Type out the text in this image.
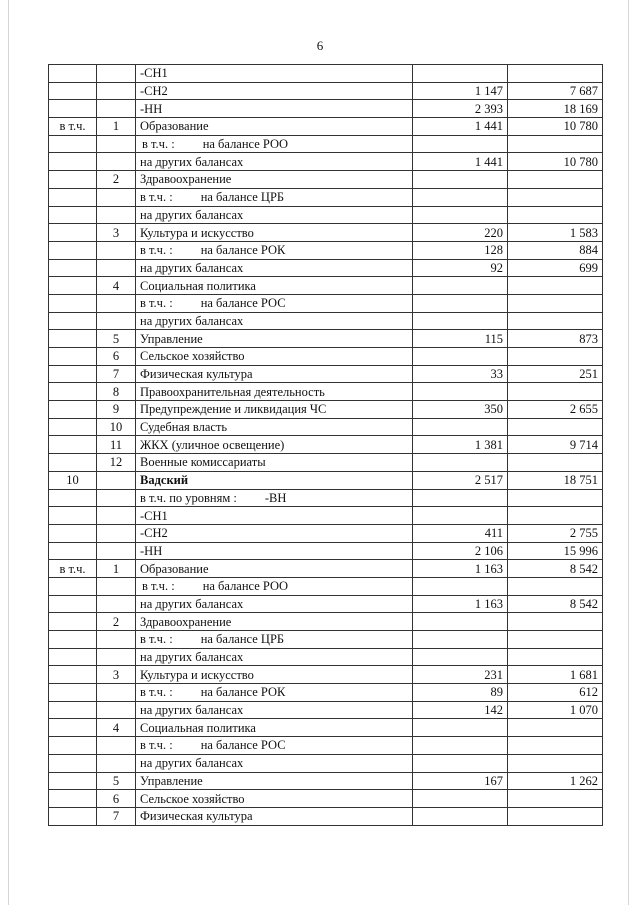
6
		-СН1		
		-СН2	1 147	7 687
		-НН	2 393	18 169
в т.ч.	1	Образование	1 441	10 780
		в т.ч. : на балансе РОО		
		на других балансах	1 441	10 780
	2	Здравоохранение		
		в т.ч. : на балансе ЦРБ		
		на других балансах		
	3	Культура и искусство	220	1 583
		в т.ч. : на балансе РОК	128	884
		на других балансах	92	699
	4	Социальная политика		
		в т.ч. : на балансе РОС		
		на других балансах		
	5	Управление	115	873
	6	Сельское хозяйство		
	7	Физическая культура	33	251
	8	Правоохранительная деятельность		
	9	Предупреждение и ликвидация ЧС	350	2 655
	10	Судебная власть		
	11	ЖКХ (уличное освещение)	1 381	9 714
	12	Военные комиссариаты		
10		Вадский	2 517	18 751
		в т.ч. по уровням : -ВН		
		-СН1		
		-СН2	411	2 755
		-НН	2 106	15 996
в т.ч.	1	Образование	1 163	8 542
		в т.ч. : на балансе РОО		
		на других балансах	1 163	8 542
	2	Здравоохранение		
		в т.ч. : на балансе ЦРБ		
		на других балансах		
	3	Культура и искусство	231	1 681
		в т.ч. : на балансе РОК	89	612
		на других балансах	142	1 070
	4	Социальная политика		
		в т.ч. : на балансе РОС		
		на других балансах		
	5	Управление	167	1 262
	6	Сельское хозяйство		
	7	Физическая культура		
